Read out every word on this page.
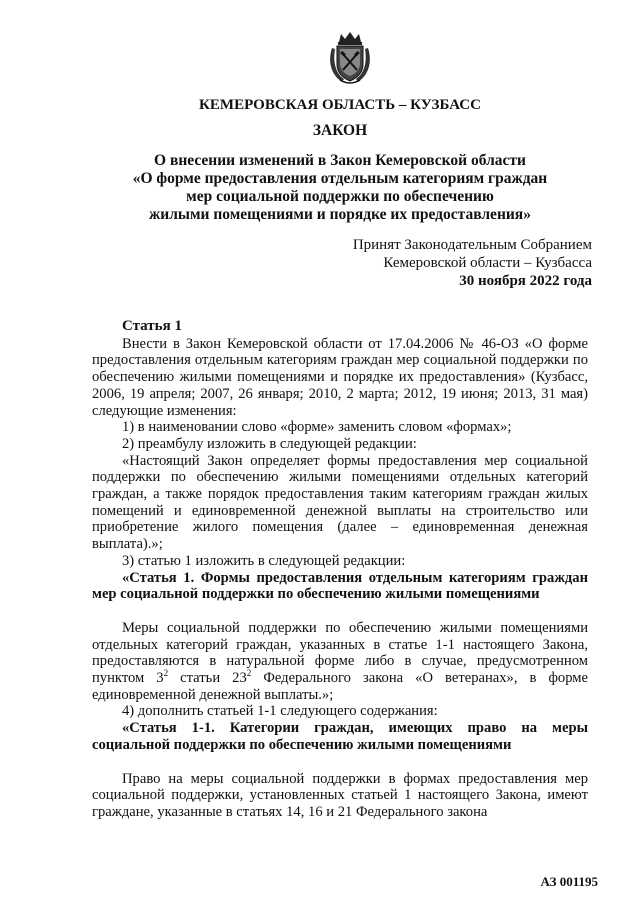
КЕМЕРОВСКАЯ ОБЛАСТЬ – КУЗБАСС
ЗАКОН
О внесении изменений в Закон Кемеровской области
«О форме предоставления отдельным категориям граждан
мер социальной поддержки по обеспечению
жилыми помещениями и порядке их предоставления»
Принят Законодательным Собранием
Кемеровской области – Кузбасса
30 ноября 2022 года
Статья 1

Внести в Закон Кемеровской области от 17.04.2006 № 46-ОЗ «О форме предоставления отдельным категориям граждан мер социальной поддержки по обеспечению жилыми помещениями и порядке их предоставления» (Кузбасс, 2006, 19 апреля; 2007, 26 января; 2010, 2 марта; 2012, 19 июня; 2013, 31 мая) следующие изменения:

1) в наименовании слово «форме» заменить словом «формах»;

2) преамбулу изложить в следующей редакции:

«Настоящий Закон определяет формы предоставления мер социальной поддержки по обеспечению жилыми помещениями отдельных категорий граждан, а также порядок предоставления таким категориям граждан жилых помещений и единовременной денежной выплаты на строительство или приобретение жилого помещения (далее – единовременная денежная выплата).»;

3) статью 1 изложить в следующей редакции:

«Статья 1. Формы предоставления отдельным категориям граждан мер социальной поддержки по обеспечению жилыми помещениями

Меры социальной поддержки по обеспечению жилыми помещениями отдельных категорий граждан, указанных в статье 1-1 настоящего Закона, предоставляются в натуральной форме либо в случае, предусмотренном пунктом $3^2$ статьи $23^2$ Федерального закона «О ветеранах», в форме единовременной денежной выплаты.»;

4) дополнить статьей 1-1 следующего содержания:

«Статья 1-1. Категории граждан, имеющих право на меры социальной поддержки по обеспечению жилыми помещениями

Право на меры социальной поддержки в формах предоставления мер социальной поддержки, установленных статьей 1 настоящего Закона, имеют граждане, указанные в статьях 14, 16 и 21 Федерального закона

АЗ 001195
